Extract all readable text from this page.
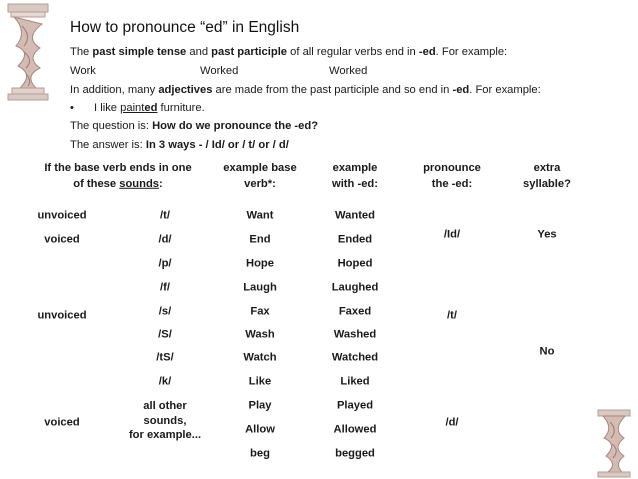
How to pronounce “ed” in English
The past simple tense and past participle of all regular verbs end in -ed. For example:
Work	Worked	Worked
In addition, many adjectives are made from the past participle and so end in -ed. For example:
• I like painted furniture.
The question is: How do we pronounce the -ed?
The answer is: In 3 ways - / Id/ or / t/ or / d/
If the base verb ends in one
of these sounds:
example base
verb*:
example
with -ed:
pronounce
the -ed:
extra
syllable?
unvoiced
voiced
unvoiced
voiced
/t/
/d/
/p/
/f/
/s/
/S/
/tS/
/k/
all other
sounds,
for example...
Want
End
Hope
Laugh
Fax
Wash
Watch
Like
Play
Allow
beg
Wanted
Ended
Hoped
Laughed
Faxed
Washed
Watched
Liked
Played
Allowed
begged
/Id/
/t/
/d/
Yes
No
